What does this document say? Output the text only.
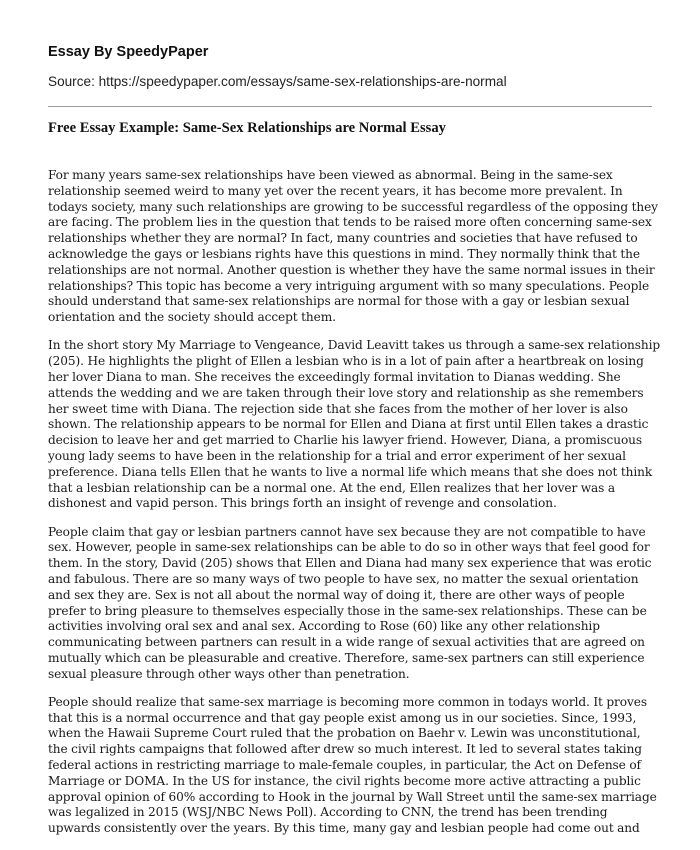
Essay By SpeedyPaper
Source: https://speedypaper.com/essays/same-sex-relationships-are-normal
Free Essay Example: Same-Sex Relationships are Normal Essay

For many years same-sex relationships have been viewed as abnormal. Being in the same-sex relationship seemed weird to many yet over the recent years, it has become more prevalent. In todays society, many such relationships are growing to be successful regardless of the opposing they are facing. The problem lies in the question that tends to be raised more often concerning same-sex relationships whether they are normal? In fact, many countries and societies that have refused to acknowledge the gays or lesbians rights have this questions in mind. They normally think that the relationships are not normal. Another question is whether they have the same normal issues in their relationships? This topic has become a very intriguing argument with so many speculations. People should understand that same-sex relationships are normal for those with a gay or lesbian sexual orientation and the society should accept them.

In the short story My Marriage to Vengeance, David Leavitt takes us through a same-sex relationship (205). He highlights the plight of Ellen a lesbian who is in a lot of pain after a heartbreak on losing her lover Diana to man. She receives the exceedingly formal invitation to Dianas wedding. She attends the wedding and we are taken through their love story and relationship as she remembers her sweet time with Diana. The rejection side that she faces from the mother of her lover is also shown. The relationship appears to be normal for Ellen and Diana at first until Ellen takes a drastic decision to leave her and get married to Charlie his lawyer friend. However, Diana, a promiscuous young lady seems to have been in the relationship for a trial and error experiment of her sexual preference. Diana tells Ellen that he wants to live a normal life which means that she does not think that a lesbian relationship can be a normal one. At the end, Ellen realizes that her lover was a dishonest and vapid person. This brings forth an insight of revenge and consolation.

People claim that gay or lesbian partners cannot have sex because they are not compatible to have sex. However, people in same-sex relationships can be able to do so in other ways that feel good for them. In the story, David (205) shows that Ellen and Diana had many sex experience that was erotic and fabulous. There are so many ways of two people to have sex, no matter the sexual orientation and sex they are. Sex is not all about the normal way of doing it, there are other ways of people prefer to bring pleasure to themselves especially those in the same-sex relationships. These can be activities involving oral sex and anal sex. According to Rose (60) like any other relationship communicating between partners can result in a wide range of sexual activities that are agreed on mutually which can be pleasurable and creative. Therefore, same-sex partners can still experience sexual pleasure through other ways other than penetration.

People should realize that same-sex marriage is becoming more common in todays world. It proves that this is a normal occurrence and that gay people exist among us in our societies. Since, 1993, when the Hawaii Supreme Court ruled that the probation on Baehr v. Lewin was unconstitutional, the civil rights campaigns that followed after drew so much interest. It led to several states taking federal actions in restricting marriage to male-female couples, in particular, the Act on Defense of Marriage or DOMA. In the US for instance, the civil rights become more active attracting a public approval opinion of 60% according to Hook in the journal by Wall Street until the same-sex marriage was legalized in 2015 (WSJ/NBC News Poll). According to CNN, the trend has been trending upwards consistently over the years. By this time, many gay and lesbian people had come out and
